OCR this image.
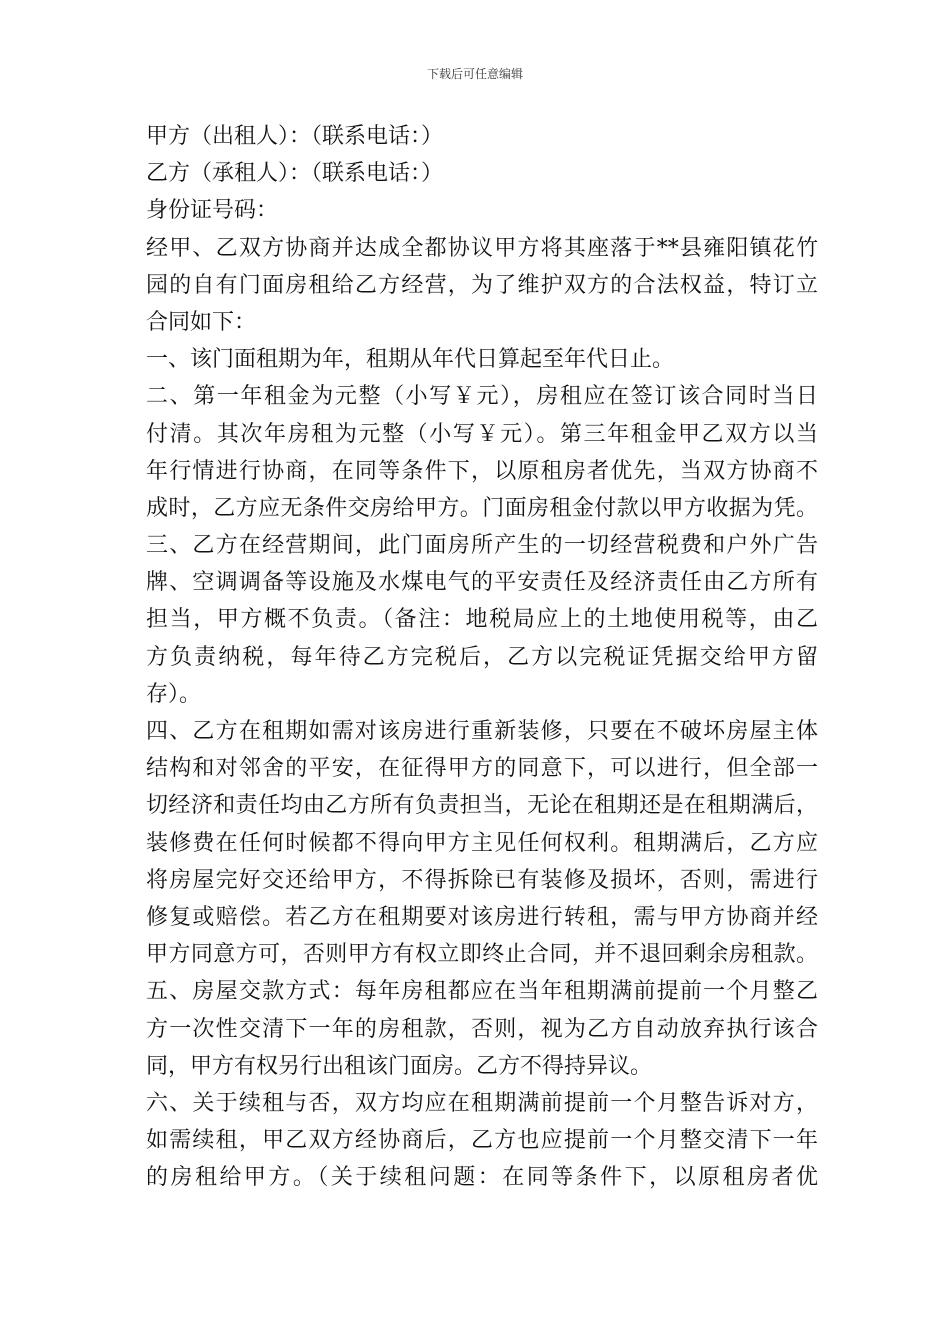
下载后可任意编辑
甲方（出租人）：（联系电话：）
乙方（承租人）：（联系电话：）
身份证号码：
经甲、乙双方协商并达成全都协议甲方将其座落于**县雍阳镇花竹
园的自有门面房租给乙方经营，为了维护双方的合法权益，特订立
合同如下：
一、该门面租期为年，租期从年代日算起至年代日止。
二、第一年租金为元整（小写￥元），房租应在签订该合同时当日
付清。其次年房租为元整（小写￥元）。第三年租金甲乙双方以当
年行情进行协商，在同等条件下，以原租房者优先，当双方协商不
成时，乙方应无条件交房给甲方。门面房租金付款以甲方收据为凭。
三、乙方在经营期间，此门面房所产生的一切经营税费和户外广告
牌、空调调备等设施及水煤电气的平安责任及经济责任由乙方所有
担当，甲方概不负责。（备注：地税局应上的土地使用税等，由乙
方负责纳税，每年待乙方完税后，乙方以完税证凭据交给甲方留
存）。
四、乙方在租期如需对该房进行重新装修，只要在不破坏房屋主体
结构和对邻舍的平安，在征得甲方的同意下，可以进行，但全部一
切经济和责任均由乙方所有负责担当，无论在租期还是在租期满后，
装修费在任何时候都不得向甲方主见任何权利。租期满后，乙方应
将房屋完好交还给甲方，不得拆除已有装修及损坏，否则，需进行
修复或赔偿。若乙方在租期要对该房进行转租，需与甲方协商并经
甲方同意方可，否则甲方有权立即终止合同，并不退回剩余房租款。
五、房屋交款方式：每年房租都应在当年租期满前提前一个月整乙
方一次性交清下一年的房租款，否则，视为乙方自动放弃执行该合
同，甲方有权另行出租该门面房。乙方不得持异议。
六、关于续租与否，双方均应在租期满前提前一个月整告诉对方，
如需续租，甲乙双方经协商后，乙方也应提前一个月整交清下一年
的房租给甲方。（关于续租问题：在同等条件下，以原租房者优
